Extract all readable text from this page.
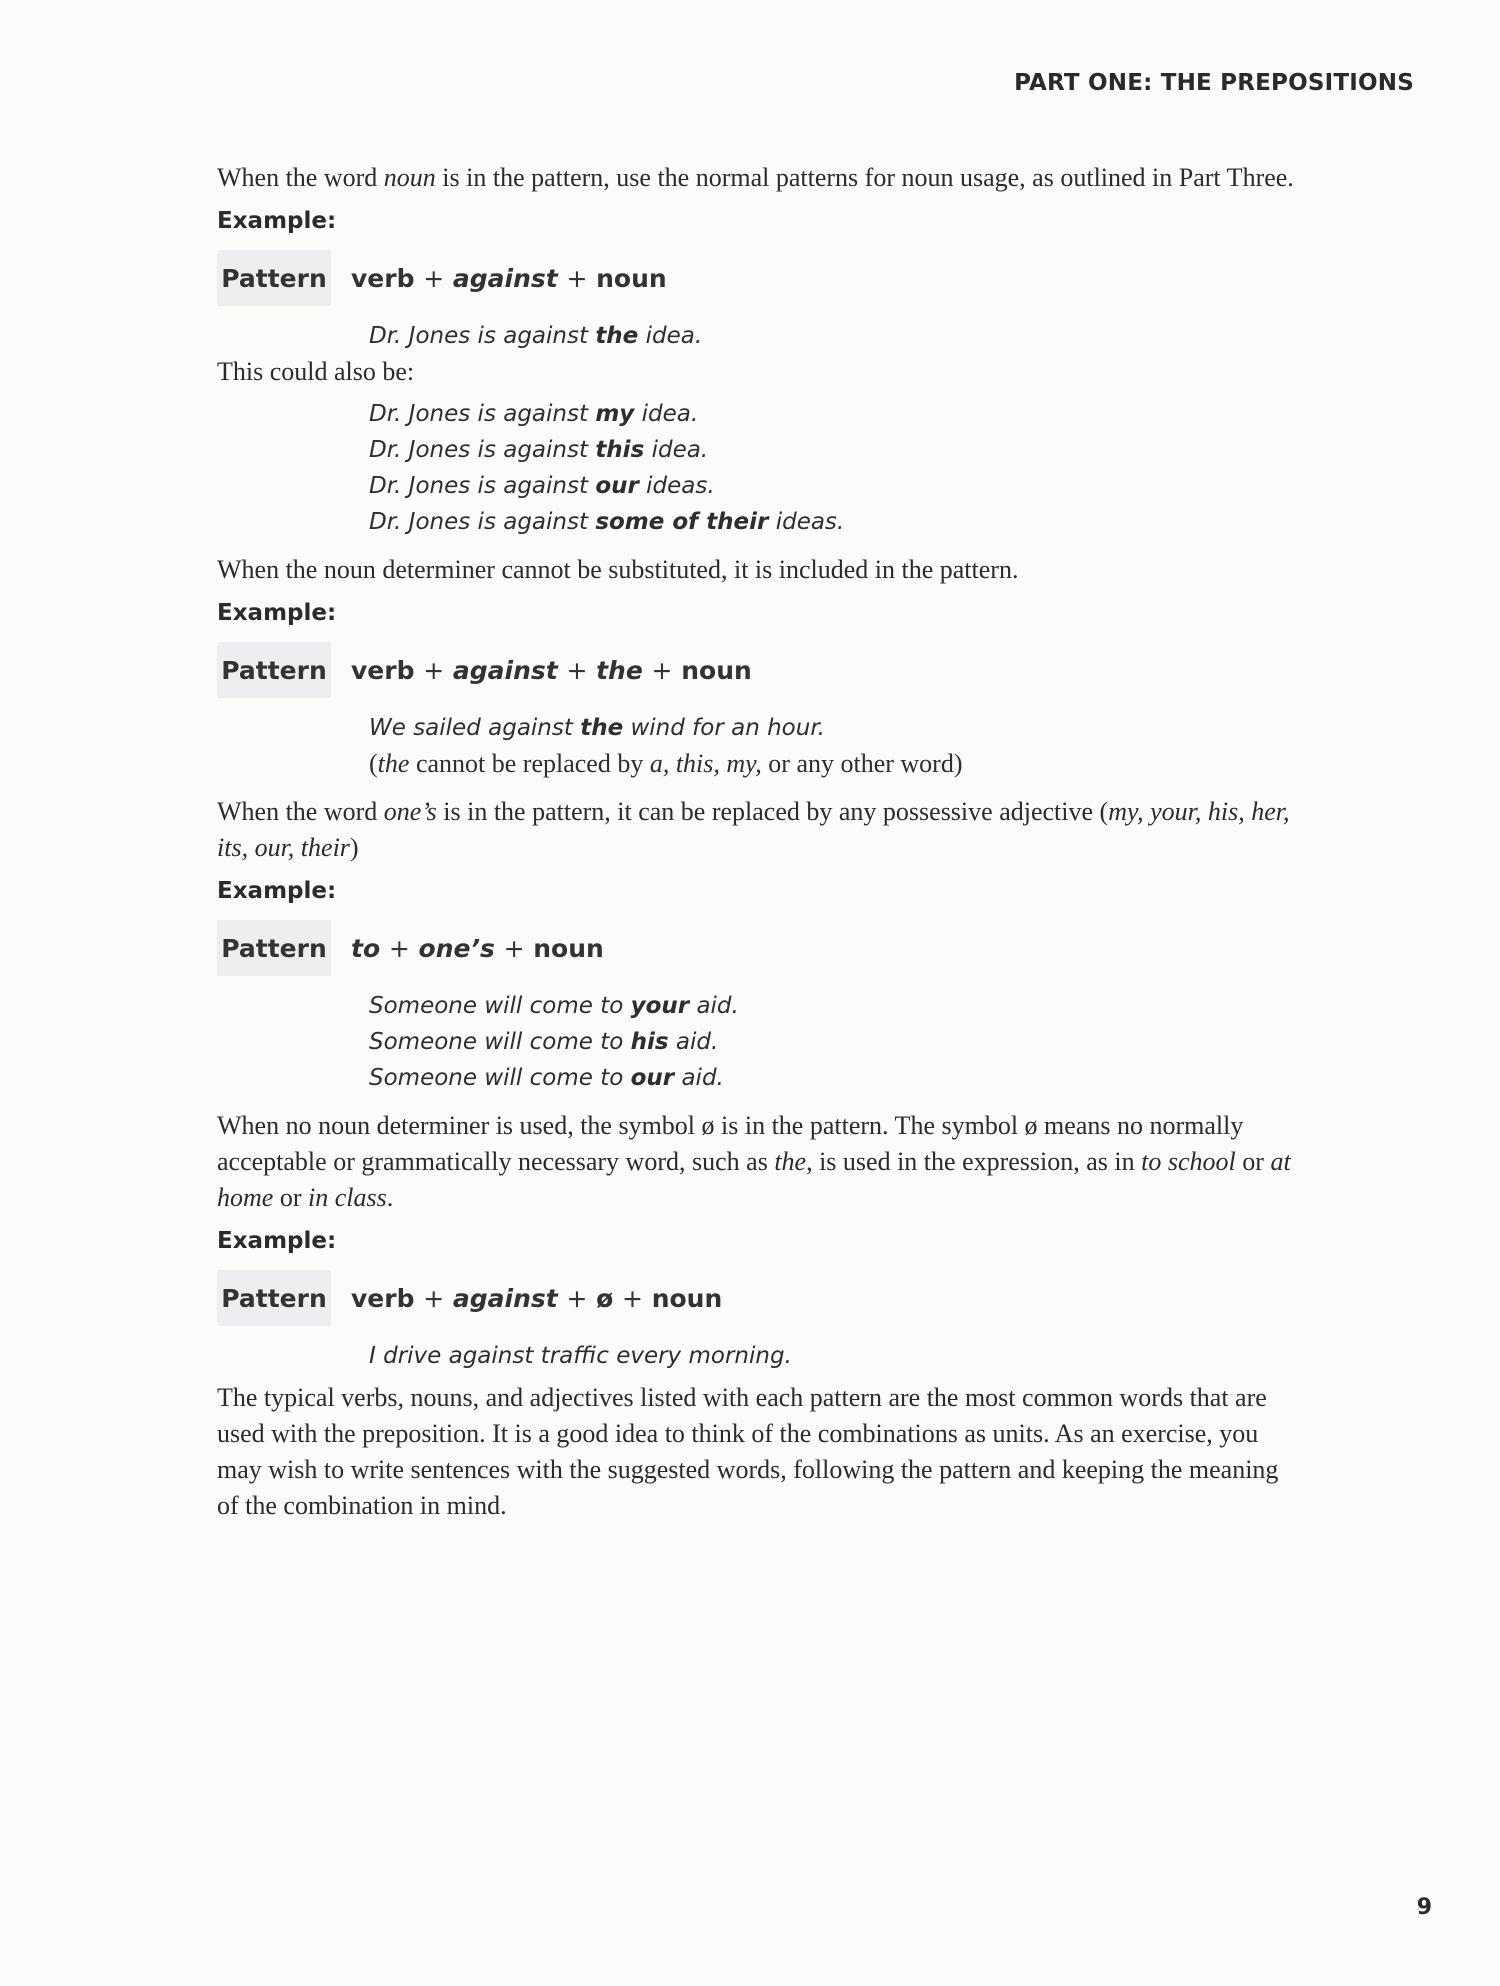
PART ONE: THE PREPOSITIONS

When the word noun is in the pattern, use the normal patterns for noun usage, as outlined in Part Three.

Example:
Pattern verb + against + noun
Dr. Jones is against the idea.

This could also be:

Dr. Jones is against my idea.
Dr. Jones is against this idea.
Dr. Jones is against our ideas.
Dr. Jones is against some of their ideas.

When the noun determiner cannot be substituted, it is included in the pattern.

Example:
Pattern verb + against + the + noun
We sailed against the wind for an hour.
(the cannot be replaced by a, this, my, or any other word)

When the word one’s is in the pattern, it can be replaced by any possessive adjective (my, your, his, her, its, our, their)

Example:
Pattern to + one’s + noun
Someone will come to your aid.
Someone will come to his aid.
Someone will come to our aid.

When no noun determiner is used, the symbol ø is in the pattern. The symbol ø means no normally acceptable or grammatically necessary word, such as the, is used in the expression, as in to school or at home or in class.

Example:
Pattern verb + against + ø + noun
I drive against traffic every morning.

The typical verbs, nouns, and adjectives listed with each pattern are the most common words that are used with the preposition. It is a good idea to think of the combinations as units. As an exercise, you may wish to write sentences with the suggested words, following the pattern and keeping the meaning of the combination in mind.

9
